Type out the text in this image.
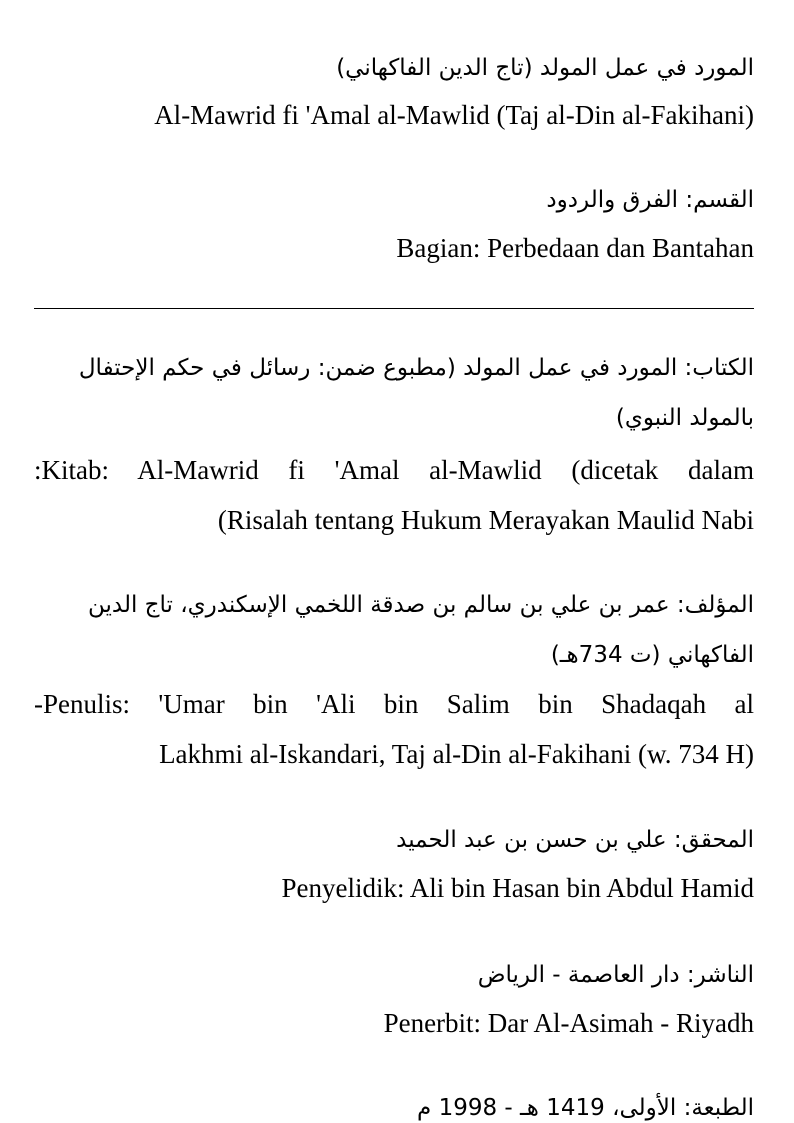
المورد في عمل المولد (تاج الدين الفاكهاني)
Al-Mawrid fi 'Amal al-Mawlid (Taj al-Din al-Fakihani)
القسم: الفرق والردود
Bagian: Perbedaan dan Bantahan
الكتاب: المورد في عمل المولد (مطبوع ضمن: رسائل في حكم الإحتفال
بالمولد النبوي)
Kitab: Al-Mawrid fi 'Amal al-Mawlid (dicetak dalam:
Risalah tentang Hukum Merayakan Maulid Nabi)
المؤلف: عمر بن علي بن سالم بن صدقة اللخمي الإسكندري، تاج الدين
الفاكهاني (ت 734هـ)
Penulis: 'Umar bin 'Ali bin Salim bin Shadaqah al-
Lakhmi al-Iskandari, Taj al-Din al-Fakihani (w. 734 H)
المحقق: علي بن حسن بن عبد الحميد
Penyelidik: Ali bin Hasan bin Abdul Hamid
الناشر: دار العاصمة - الرياض
Penerbit: Dar Al-Asimah - Riyadh
الطبعة: الأولى، 1419 هـ - 1998 م
